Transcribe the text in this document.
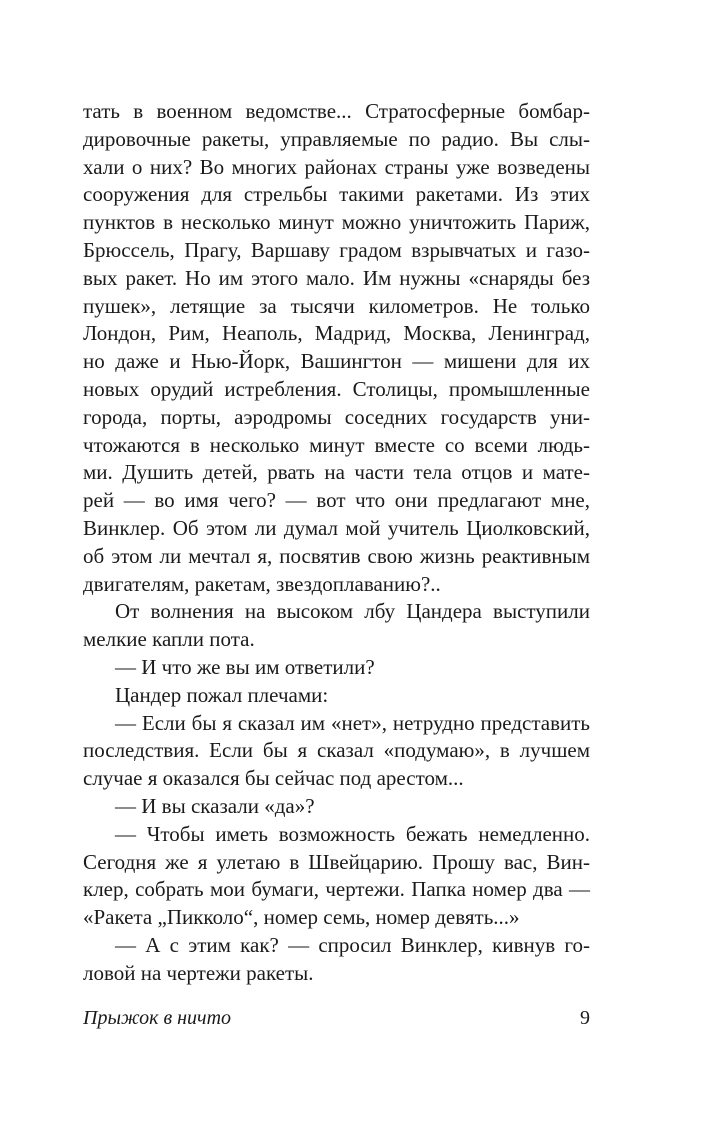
тать в военном ведомстве... Стратосферные бомбар-
дировочные ракеты, управляемые по радио. Вы слы-
хали о них? Во многих районах страны уже возведены
сооружения для стрельбы такими ракетами. Из этих
пунктов в несколько минут можно уничтожить Париж,
Брюссель, Прагу, Варшаву градом взрывчатых и газо-
вых ракет. Но им этого мало. Им нужны «снаряды без
пушек», летящие за тысячи километров. Не только
Лондон, Рим, Неаполь, Мадрид, Москва, Ленинград,
но даже и Нью-Йорк, Вашингтон — мишени для их
новых орудий истребления. Столицы, промышленные
города, порты, аэродромы соседних государств уни-
чтожаются в несколько минут вместе со всеми людь-
ми. Душить детей, рвать на части тела отцов и мате-
рей — во имя чего? — вот что они предлагают мне,
Винклер. Об этом ли думал мой учитель Циолковский,
об этом ли мечтал я, посвятив свою жизнь реактивным
двигателям, ракетам, звездоплаванию?..
От волнения на высоком лбу Цандера выступили
мелкие капли пота.
— И что же вы им ответили?
Цандер пожал плечами:
— Если бы я сказал им «нет», нетрудно представить
последствия. Если бы я сказал «подумаю», в лучшем
случае я оказался бы сейчас под арестом...
— И вы сказали «да»?
— Чтобы иметь возможность бежать немедленно.
Сегодня же я улетаю в Швейцарию. Прошу вас, Вин-
клер, собрать мои бумаги, чертежи. Папка номер два —
«Ракета „Пикколо“, номер семь, номер девять...»
— А с этим как? — спросил Винклер, кивнув го-
ловой на чертежи ракеты.
Прыжок в ничто	9
